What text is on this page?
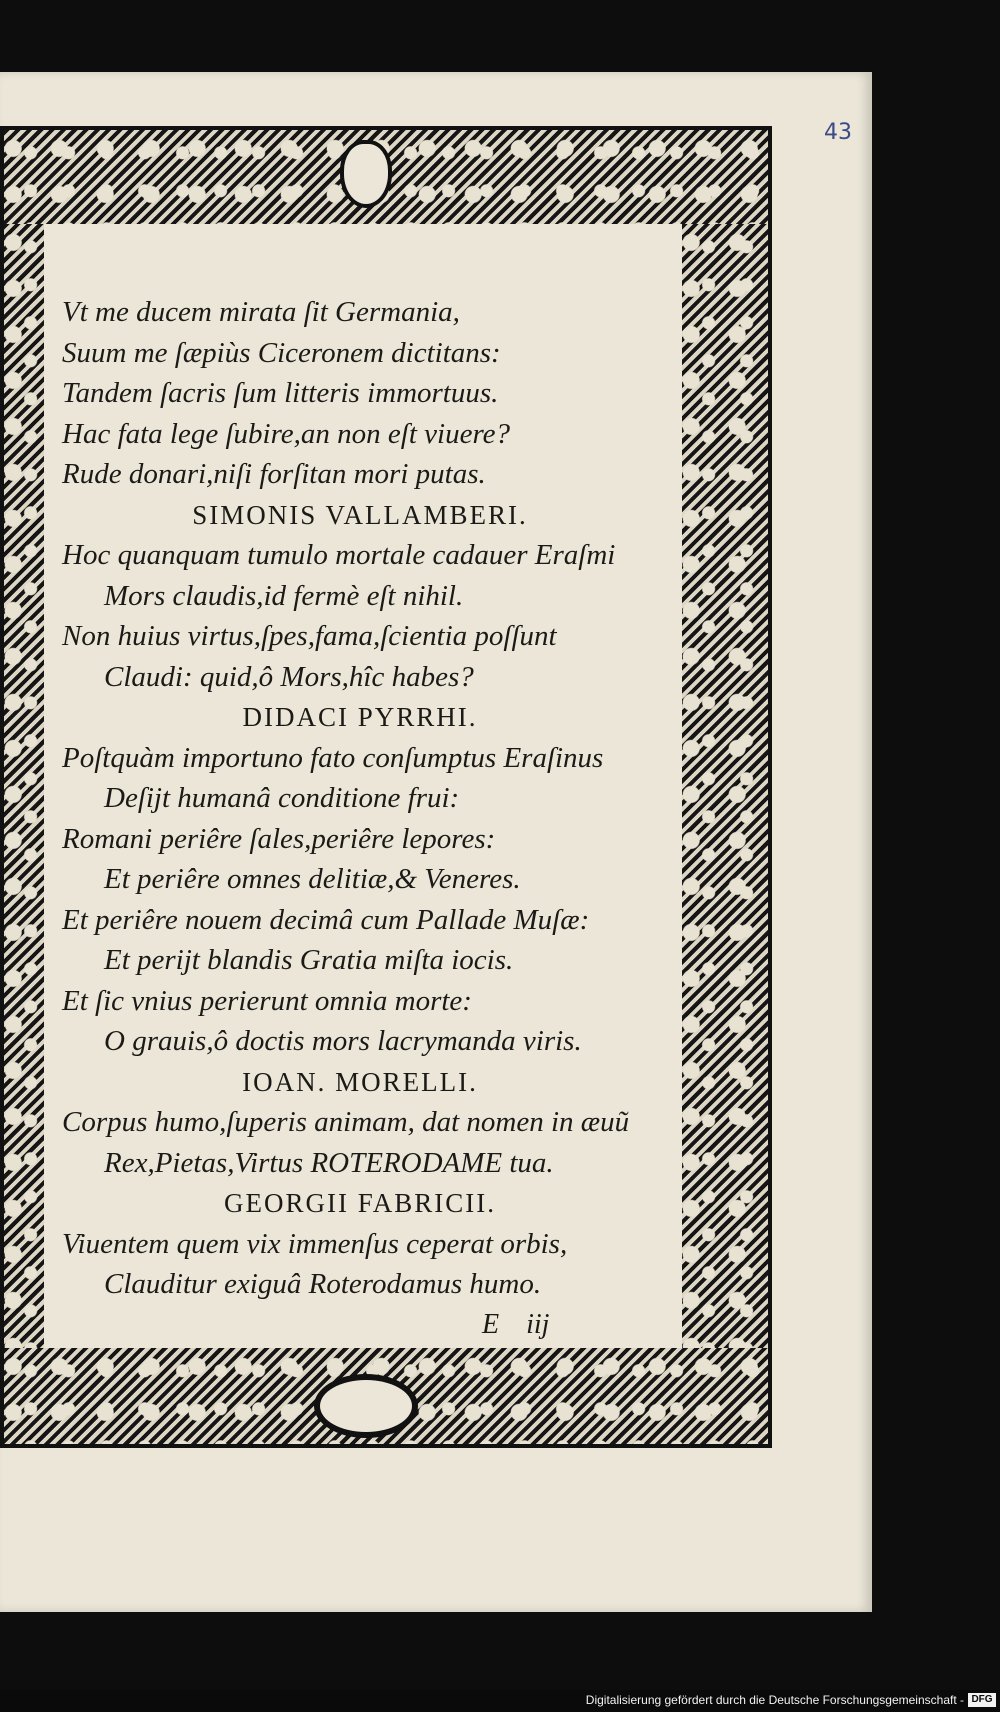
43

Vt me ducem mirata ſit Germania,

Suum me ſæpiùs Ciceronem dictitans:

Tandem ſacris ſum litteris immortuus.

Hac fata lege ſubire,an non eſt viuere?

Rude donari,niſi forſitan mori putas.

SIMONIS VALLAMBERI.

Hoc quanquam tumulo mortale cadauer Eraſmi

Mors claudis,id fermè eſt nihil.

Non huius virtus,ſpes,fama,ſcientia poſſunt

Claudi: quid,ô Mors,hîc habes?

DIDACI PYRRHI.

Poſtquàm importuno fato conſumptus Eraſinus

Deſijt humanâ conditione frui:

Romani periêre ſales,periêre lepores:

Et periêre omnes delitiæ,& Veneres.

Et periêre nouem decimâ cum Pallade Muſæ:

Et perijt blandis Gratia miſta iocis.

Et ſic vnius perierunt omnia morte:

O grauis,ô doctis mors lacrymanda viris.

IOAN. MORELLI.

Corpus humo,ſuperis animam, dat nomen in æuũ

Rex,Pietas,Virtus ROTERODAME tua.

GEORGII FABRICII.

Viuentem quem vix immenſus ceperat orbis,

Clauditur exiguâ Roterodamus humo.

E iij

Digitalisierung gefördert durch die Deutsche Forschungsgemeinschaft - DFG
